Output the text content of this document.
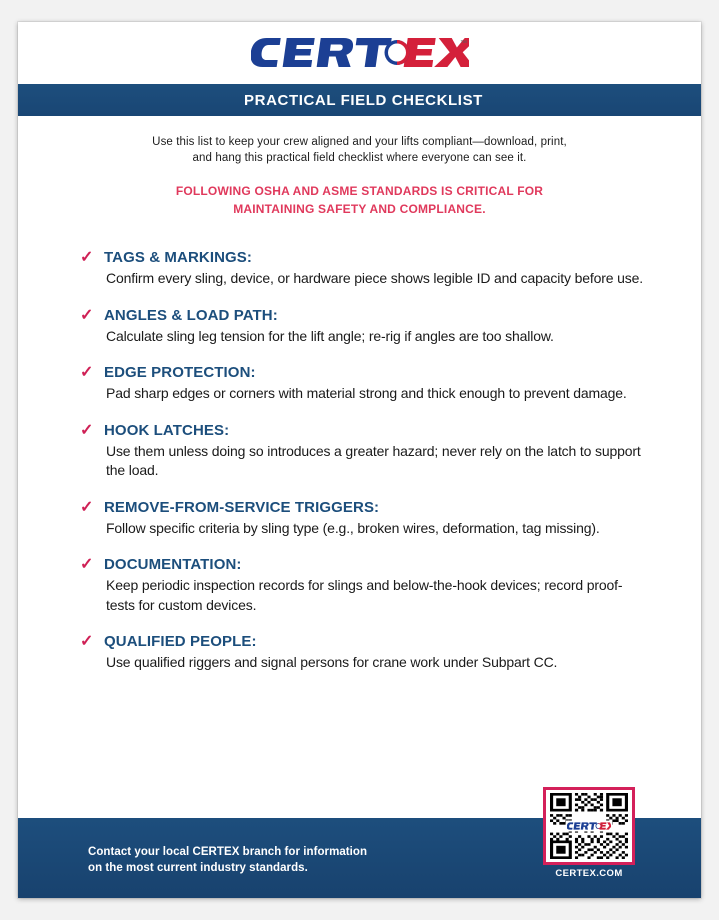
™
PRACTICAL FIELD CHECKLIST
Use this list to keep your crew aligned and your lifts compliant—download, print,
and hang this practical field checklist where everyone can see it.
FOLLOWING OSHA AND ASME STANDARDS IS CRITICAL FOR
MAINTAINING SAFETY AND COMPLIANCE.
✓ TAGS & MARKINGS:
Confirm every sling, device, or hardware piece shows legible ID and capacity before use.
✓ ANGLES & LOAD PATH:
Calculate sling leg tension for the lift angle; re-rig if angles are too shallow.
✓ EDGE PROTECTION:
Pad sharp edges or corners with material strong and thick enough to prevent damage.
✓ HOOK LATCHES:
Use them unless doing so introduces a greater hazard; never rely on the latch to support the load.
✓ REMOVE-FROM-SERVICE TRIGGERS:
Follow specific criteria by sling type (e.g., broken wires, deformation, tag missing).
✓ DOCUMENTATION:
Keep periodic inspection records for slings and below-the-hook devices; record proof-tests for custom devices.
✓ QUALIFIED PEOPLE:
Use qualified riggers and signal persons for crane work under Subpart CC.
Contact your local CERTEX branch for information
on the most current industry standards.	CERTEX.COM
